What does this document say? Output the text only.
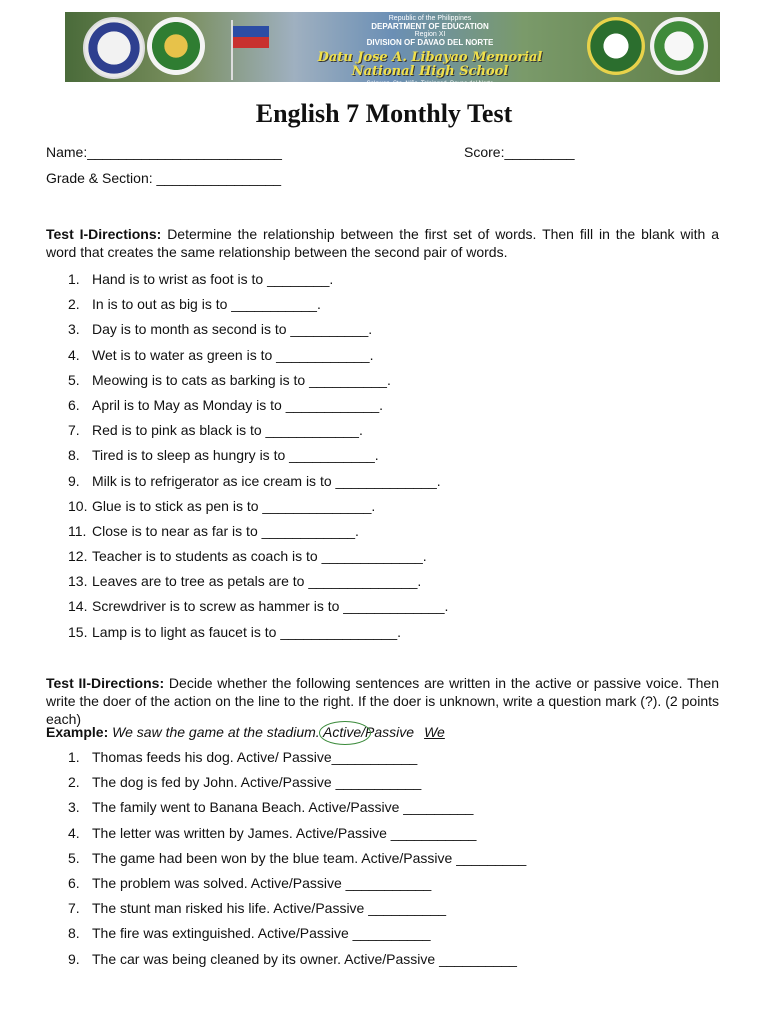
Republic of the Philippines
DEPARTMENT OF EDUCATION
Region XI
DIVISION OF DAVAO DEL NORTE
Datu Jose A. Libayao Memorial National High School
Salawan, Sto. Niño, Talaingod, Davao del Norte
English 7 Monthly Test
Name:_________________________	Score:_________
Grade & Section: ________________

Test I-Directions: Determine the relationship between the first set of words. Then fill in the blank with a word that creates the same relationship between the second pair of words.

1. Hand is to wrist as foot is to ________.
2. In is to out as big is to ___________.
3. Day is to month as second is to __________.
4. Wet is to water as green is to ____________.
5. Meowing is to cats as barking is to __________.
6. April is to May as Monday is to ____________.
7. Red is to pink as black is to ____________.
8. Tired is to sleep as hungry is to ___________.
9. Milk is to refrigerator as ice cream is to _____________.
10. Glue is to stick as pen is to ______________.
11. Close is to near as far is to ____________.
12. Teacher is to students as coach is to _____________.
13. Leaves are to tree as petals are to ______________.
14. Screwdriver is to screw as hammer is to _____________.
15. Lamp is to light as faucet is to _______________.

Test II-Directions: Decide whether the following sentences are written in the active or passive voice. Then write the doer of the action on the line to the right. If the doer is unknown, write a question mark (?). (2 points each)

Example: We saw the game at the stadium. Active/Passive We
1. Thomas feeds his dog. Active/ Passive___________
2. The dog is fed by John. Active/Passive ___________
3. The family went to Banana Beach. Active/Passive _________
4. The letter was written by James. Active/Passive ___________
5. The game had been won by the blue team. Active/Passive _________
6. The problem was solved. Active/Passive ___________
7. The stunt man risked his life. Active/Passive __________
8. The fire was extinguished. Active/Passive __________
9. The car was being cleaned by its owner. Active/Passive __________
